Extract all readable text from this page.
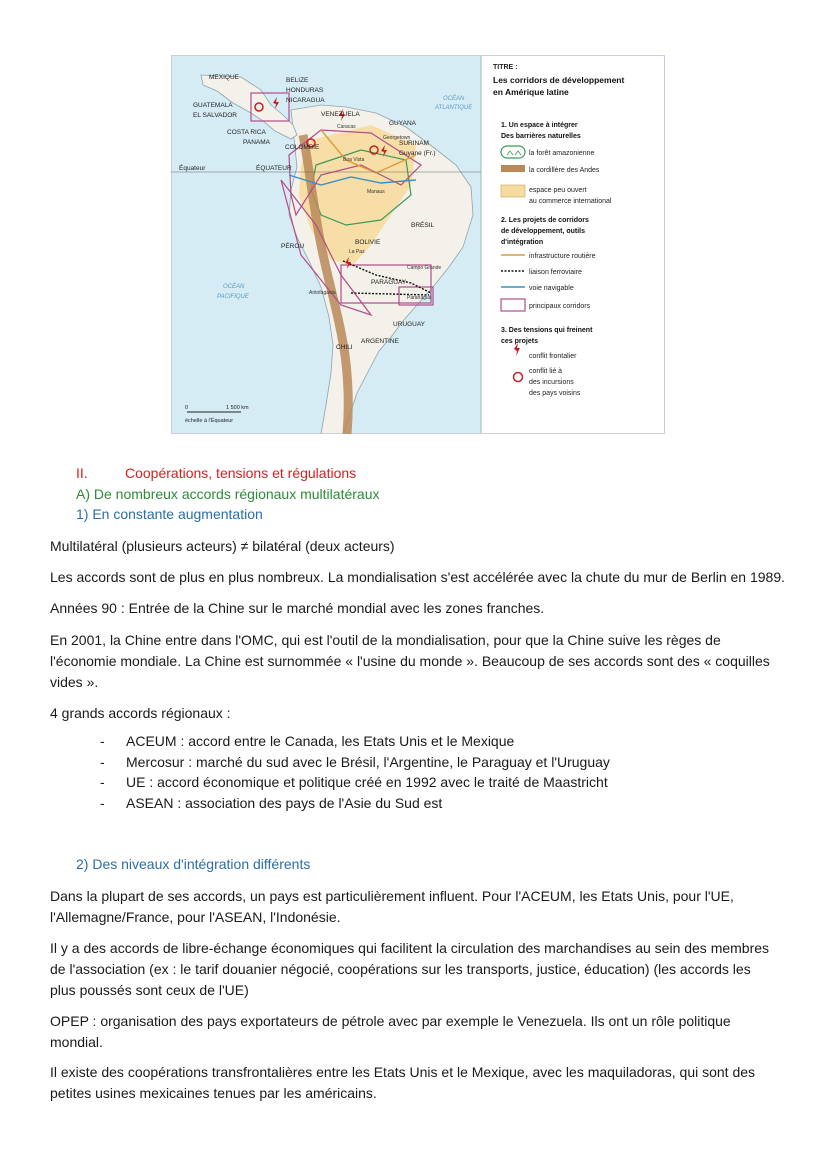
MEXIQUE	BELIZE
HONDURAS
NICARAGUA
GUATEMALA
EL SALVADOR
COSTA RICA
PANAMA
COLOMBIE
VENEZUELA
GUYANA
SURINAM
Guyane (Fr.)
Équateur	ÉQUATEUR
PÉROU
BRÉSIL
BOLIVIE
PARAGUAY
URUGUAY
CHILI
ARGENTINE
Caracas
Georgetown
Boa Vista
Manaus
La Paz
Campo Grande
Antofagasta
Paranaguá
OCÉAN
ATLANTIQUE
OCÉAN
PACIFIQUE
0	1 500 km
échelle à l'Équateur
TITRE :
Les corridors de développement
en Amérique latine
1. Un espace à intégrer
Des barrières naturelles
la forêt amazonienne
la cordillère des Andes
espace peu ouvert
au commerce international
2. Les projets de corridors
de développement, outils
d'intégration
infrastructure routière
liaison ferroviaire
voie navigable
principaux corridors
3. Des tensions qui freinent
ces projets
conflit frontalier
conflit lié à
des incursions
des pays voisins
II.	Coopérations, tensions et régulations
A) De nombreux accords régionaux multilatéraux
1) En constante augmentation
Multilatéral (plusieurs acteurs) ≠ bilatéral (deux acteurs)
Les accords sont de plus en plus nombreux. La mondialisation s'est accélérée avec la chute du mur de Berlin en 1989.
Années 90 : Entrée de la Chine sur le marché mondial avec les zones franches.
En 2001, la Chine entre dans l'OMC, qui est l'outil de la mondialisation, pour que la Chine suive les règes de
l'économie mondiale. La Chine est surnommée « l'usine du monde ». Beaucoup de ses accords sont des « coquilles
vides ».
4 grands accords régionaux :
- ACEUM : accord entre le Canada, les Etats Unis et le Mexique
- Mercosur : marché du sud avec le Brésil, l'Argentine, le Paraguay et l'Uruguay
- UE : accord économique et politique créé en 1992 avec le traité de Maastricht
- ASEAN : association des pays de l'Asie du Sud est
2) Des niveaux d'intégration différents
Dans la plupart de ses accords, un pays est particulièrement influent. Pour l'ACEUM, les Etats Unis, pour l'UE,
l'Allemagne/France, pour l'ASEAN, l'Indonésie.
Il y a des accords de libre-échange économiques qui facilitent la circulation des marchandises au sein des membres
de l'association (ex : le tarif douanier négocié, coopérations sur les transports, justice, éducation) (les accords les
plus poussés sont ceux de l'UE)
OPEP : organisation des pays exportateurs de pétrole avec par exemple le Venezuela. Ils ont un rôle politique
mondial.
Il existe des coopérations transfrontalières entre les Etats Unis et le Mexique, avec les maquiladoras, qui sont des
petites usines mexicaines tenues par les américains.
